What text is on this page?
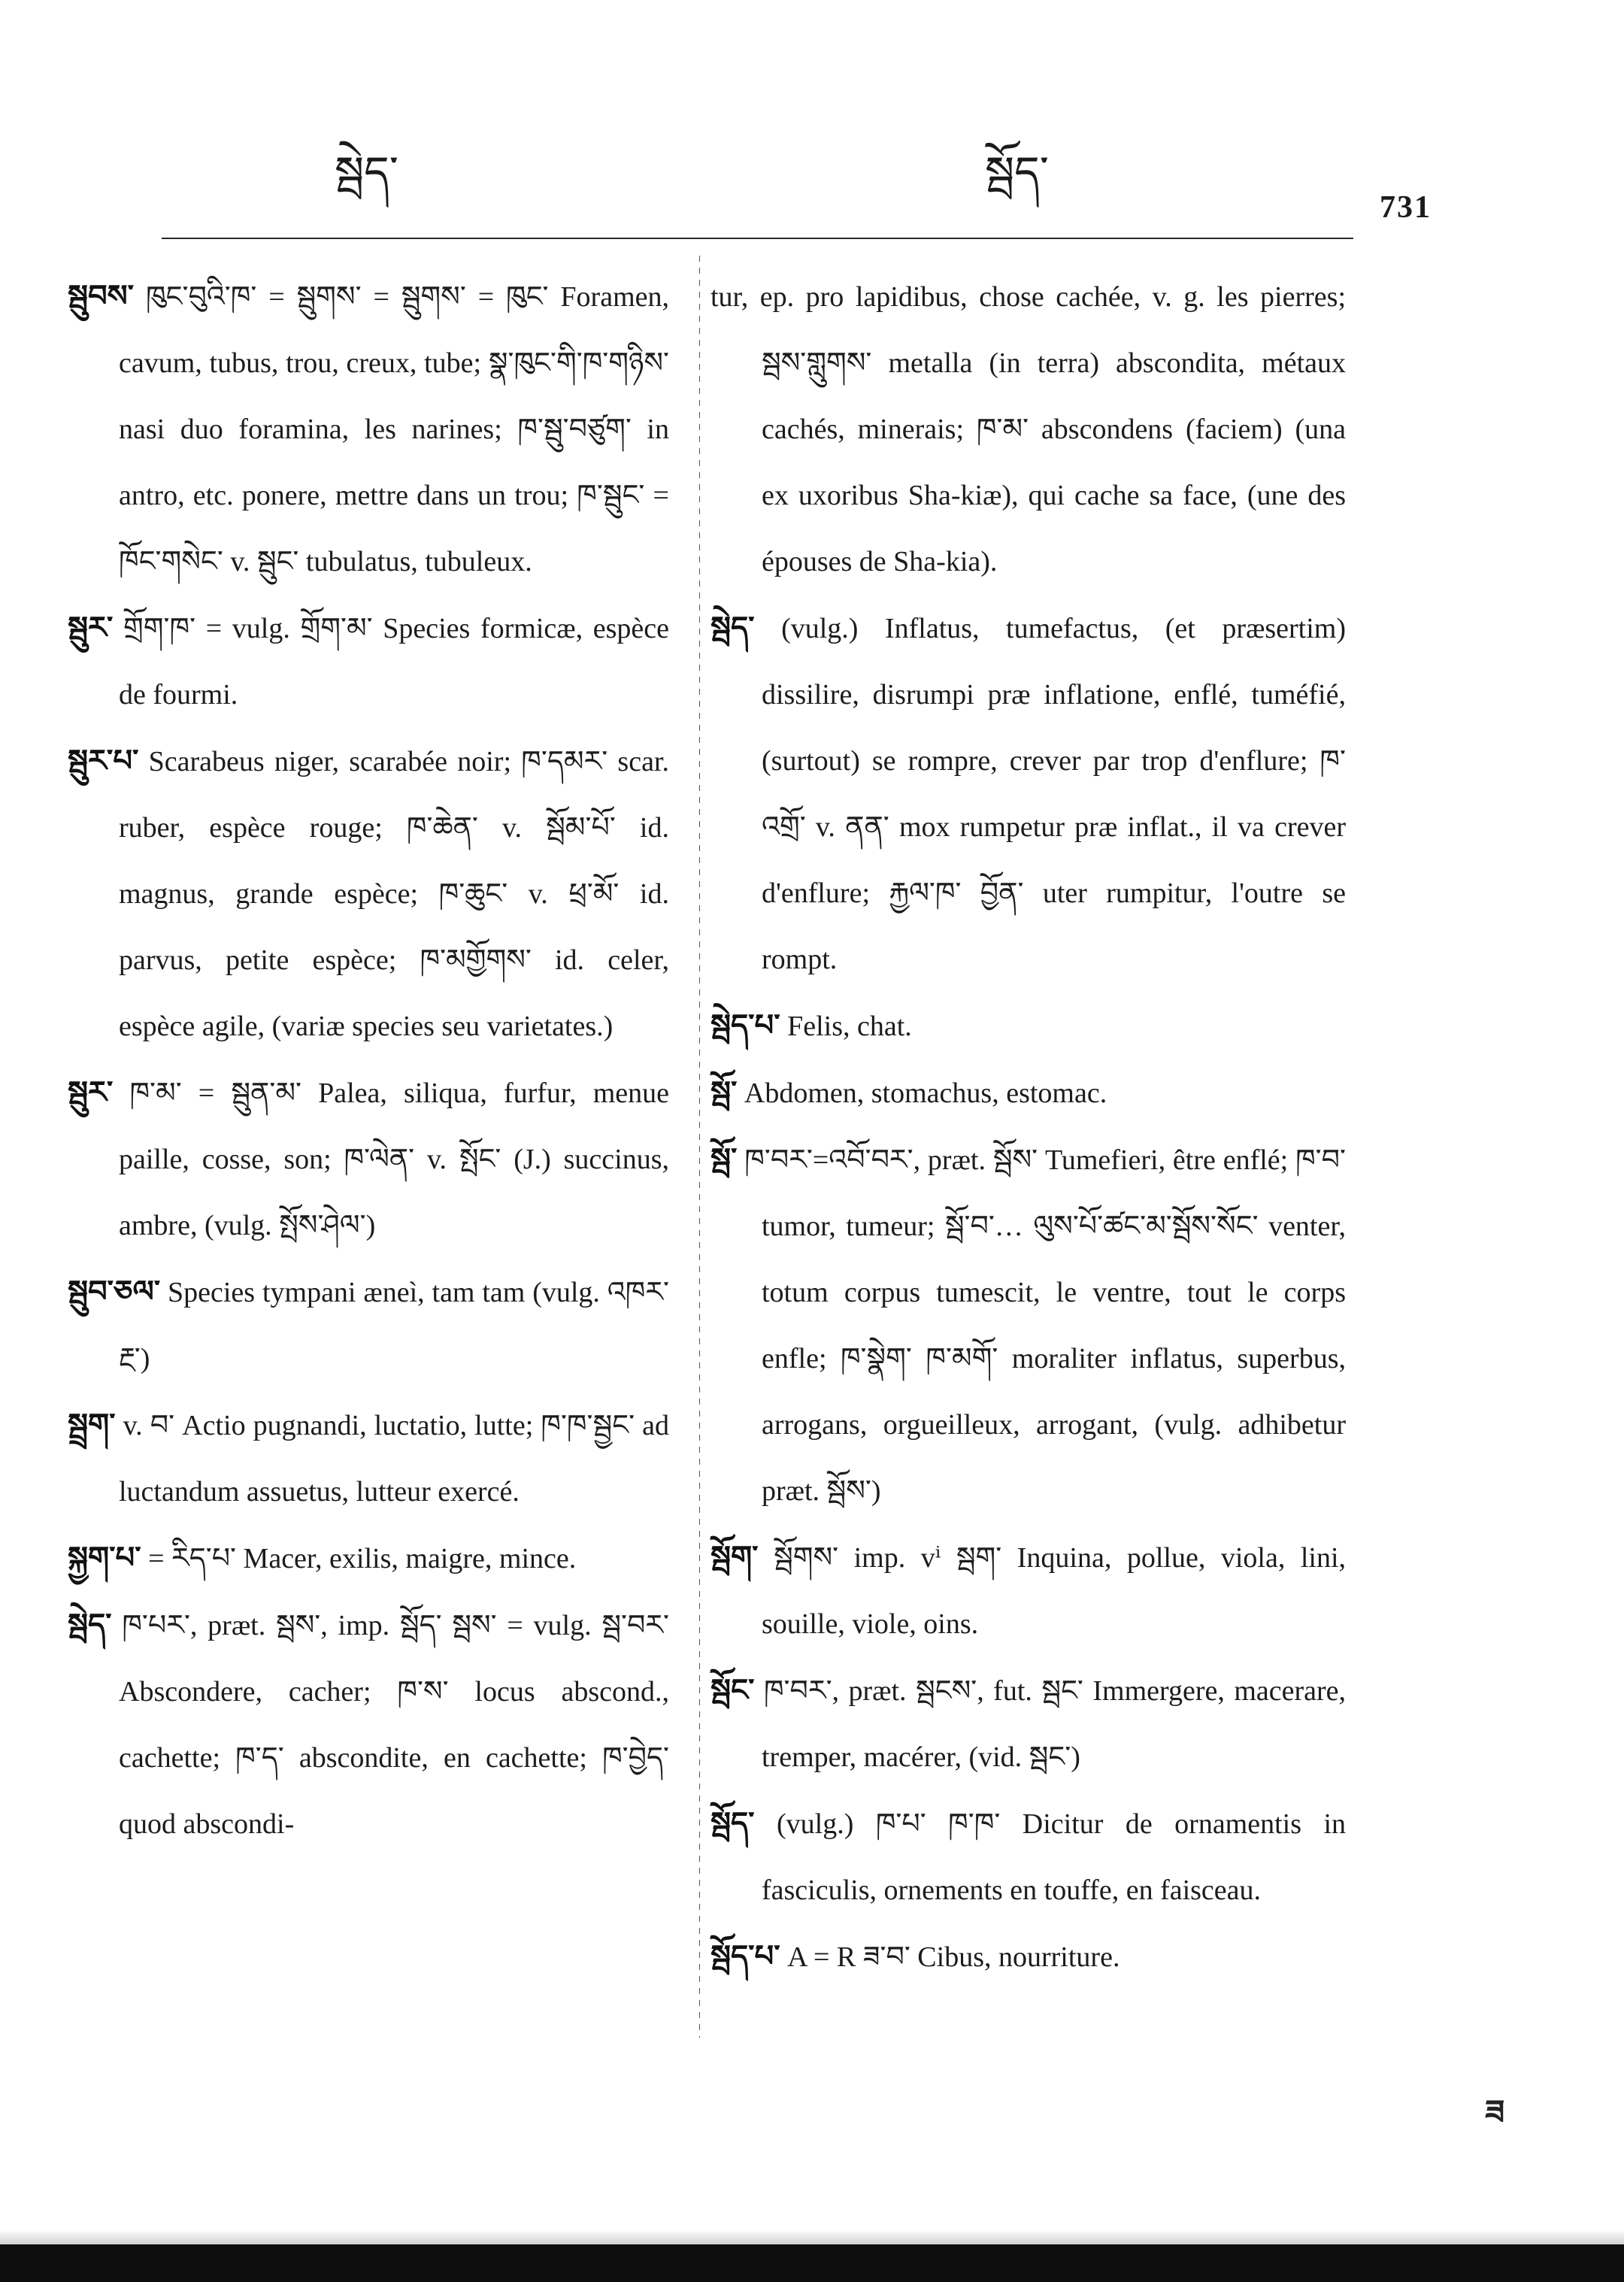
སྦེད་	སྦོད་
731

སྦུབས་ ཁུང་བུའི་ཁ་ = སྦུགས་ = སྦུགས་ = ཁུང་ Foramen, cavum, tubus, trou, creux, tube; སྣ་ཁུང་གི་ཁ་གཉིས་ nasi duo foramina, les narines; ཁ་སྦུ་བཙུག་ in antro, etc. ponere, mettre dans un trou; ཁ་སྦུང་ = ཁོང་གསེང་ v. སྦུང་ tubulatus, tubuleux.

སྦུར་ གྲོག་ཁ་ = vulg. གྲོག་མ་ Species formicæ, espèce de fourmi.

སྦུར་པ་ Scarabeus niger, scarabée noir; ཁ་དམར་ scar. ruber, espèce rouge; ཁ་ཆེན་ v. སྦོམ་པོ་ id. magnus, grande espèce; ཁ་ཆུང་ v. ཕྲ་མོ་ id. parvus, petite espèce; ཁ་མགྱོགས་ id. celer, espèce agile, (variæ species seu varietates.)

སྦུར་ ཁ་མ་ = སྦུན་མ་ Palea, siliqua, furfur, menue paille, cosse, son; ཁ་ལེན་ v. སྤོང་ (J.) succinus, ambre, (vulg. སྤོས་ཤེལ་)

སྦུབ་ཅལ་ Species tympani æneì, tam tam (vulg. འཁར་རྔ་)

སྦྲག་ v. བ་ Actio pugnandi, luctatio, lutte; ཁ་ཁ་སྦྱང་ ad luctandum assuetus, lutteur exercé.

སྐྱག་པ་ = རིད་པ་ Macer, exilis, maigre, mince.

སྦེད་ ཁ་པར་, præt. སྦས་, imp. སྦོད་ སྦས་ = vulg. སྦ་བར་ Abscondere, cacher; ཁ་ས་ locus abscond., cachette; ཁ་ད་ abscondite, en cachette; ཁ་བྱེད་ quod abscondi-

tur, ep. pro lapidibus, chose cachée, v. g. les pierres; སྦས་གླུགས་ metalla (in terra) abscondita, métaux cachés, minerais; ཁ་མ་ abscondens (faciem) (una ex uxoribus Sha-kiæ), qui cache sa face, (une des épouses de Sha-kia).

སྦེད་ (vulg.) Inflatus, tumefactus, (et præsertim) dissilire, disrumpi præ inflatione, enflé, tuméfié, (surtout) se rompre, crever par trop d'enflure; ཁ་འགྲོ་ v. ནན་ mox rumpetur præ inflat., il va crever d'enflure; རྐྱལ་ཁ་ བྱོན་ uter rumpitur, l'outre se rompt.

སྦེད་པ་ Felis, chat.

སྦོ་ Abdomen, stomachus, estomac.

སྦོ་ ཁ་བར་=འབོ་བར་, præt. སྦོས་ Tumefieri, être enflé; ཁ་བ་ tumor, tumeur; སྦོ་བ་… ལུས་པོ་ཚང་མ་སྦོས་སོང་ venter, totum corpus tumescit, le ventre, tout le corps enfle; ཁ་སྣེག་ ཁ་མགོ་ moraliter inflatus, superbus, arrogans, orgueilleux, arrogant, (vulg. adhibetur præt. སྦོས་)

སྦོག་ སྦོགས་ imp. vⁱ སྦག་ Inquina, pollue, viola, lini, souille, viole, oins.

སྦོང་ ཁ་བར་, præt. སྦངས་, fut. སྦང་ Immergere, macerare, tremper, macérer, (vid. སྦང་)

སྦོད་ (vulg.) ཁ་པ་ ཁ་ཁ་ Dicitur de ornamentis in fasciculis, ornements en touffe, en faisceau.

སྦོད་པ་ A = R ཟ་བ་ Cibus, nourriture.

ཟ
